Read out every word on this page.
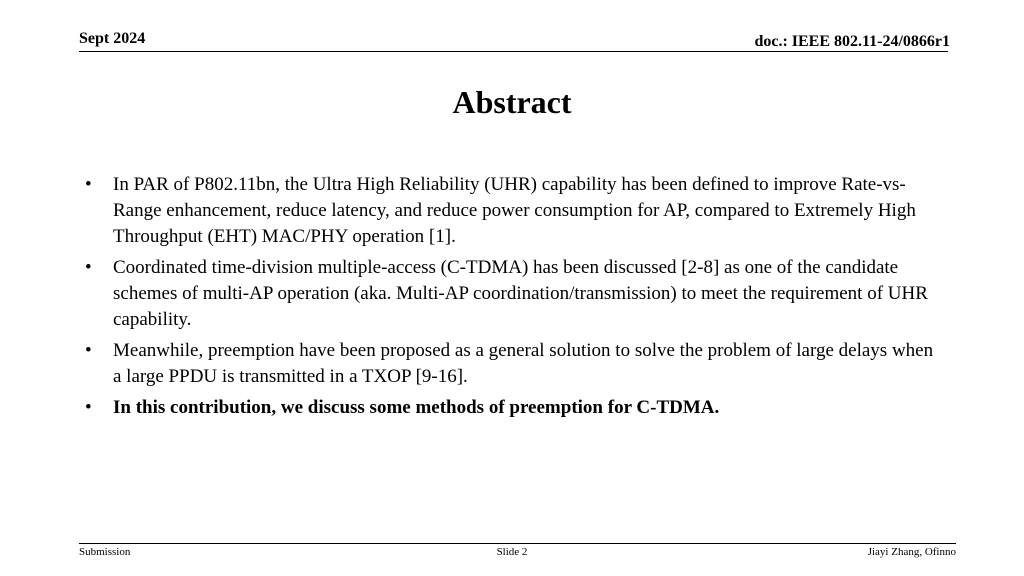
Sept 2024	doc.: IEEE 802.11-24/0866r1
Abstract
• In PAR of P802.11bn, the Ultra High Reliability (UHR) capability has been defined to improve Rate-vs-Range enhancement, reduce latency, and reduce power consumption for AP, compared to Extremely High Throughput (EHT) MAC/PHY operation [1].
• Coordinated time-division multiple-access (C-TDMA) has been discussed [2-8] as one of the candidate schemes of multi-AP operation (aka. Multi-AP coordination/transmission) to meet the requirement of UHR capability.
• Meanwhile, preemption have been proposed as a general solution to solve the problem of large delays when a large PPDU is transmitted in a TXOP [9-16].
• In this contribution, we discuss some methods of preemption for C-TDMA.
Submission	Slide 2	Jiayi Zhang, Ofinno
